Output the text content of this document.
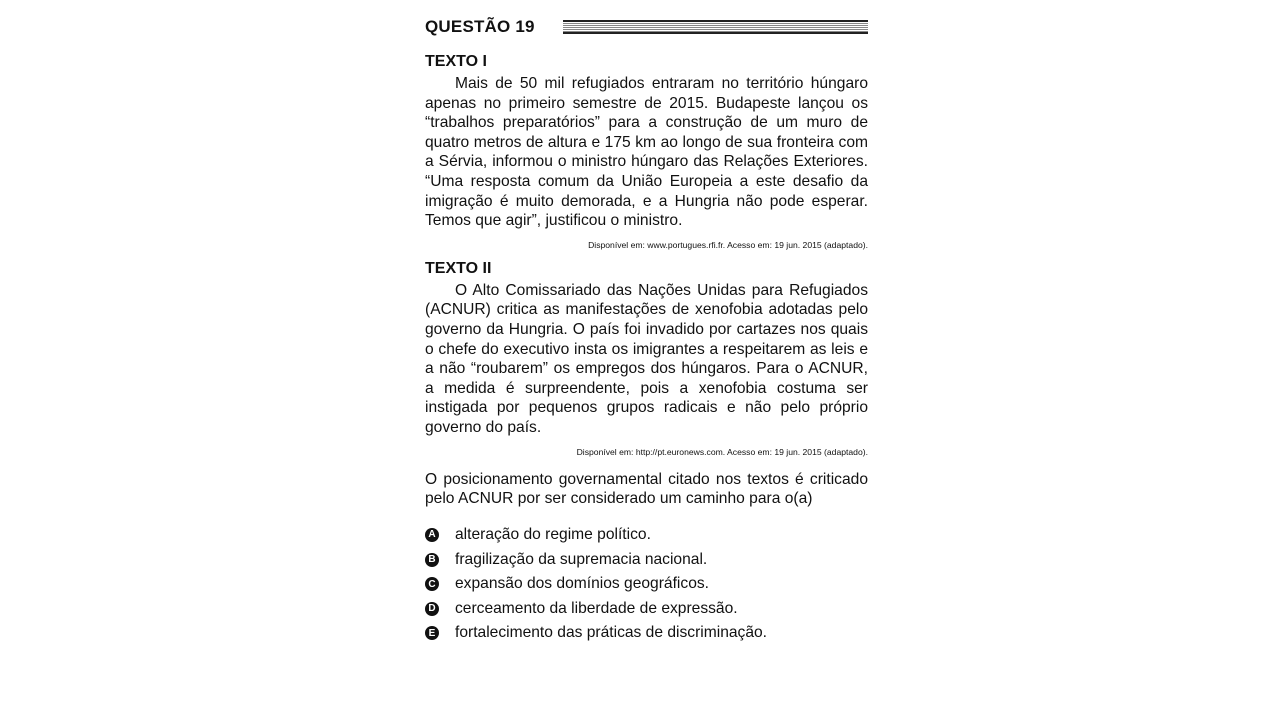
QUESTÃO 19
TEXTO I

Mais de 50 mil refugiados entraram no território húngaro apenas no primeiro semestre de 2015. Budapeste lançou os “trabalhos preparatórios” para a construção de um muro de quatro metros de altura e 175 km ao longo de sua fronteira com a Sérvia, informou o ministro húngaro das Relações Exteriores. “Uma resposta comum da União Europeia a este desafio da imigração é muito demorada, e a Hungria não pode esperar. Temos que agir”, justificou o ministro.

Disponível em: www.portugues.rfi.fr. Acesso em: 19 jun. 2015 (adaptado).
TEXTO II

O Alto Comissariado das Nações Unidas para Refugiados (ACNUR) critica as manifestações de xenofobia adotadas pelo governo da Hungria. O país foi invadido por cartazes nos quais o chefe do executivo insta os imigrantes a respeitarem as leis e a não “roubarem” os empregos dos húngaros. Para o ACNUR, a medida é surpreendente, pois a xenofobia costuma ser instigada por pequenos grupos radicais e não pelo próprio governo do país.

Disponível em: http://pt.euronews.com. Acesso em: 19 jun. 2015 (adaptado).
O posicionamento governamental citado nos textos é criticado pelo ACNUR por ser considerado um caminho para o(a)
A alteração do regime político.
B fragilização da supremacia nacional.
C expansão dos domínios geográficos.
D cerceamento da liberdade de expressão.
E fortalecimento das práticas de discriminação.
